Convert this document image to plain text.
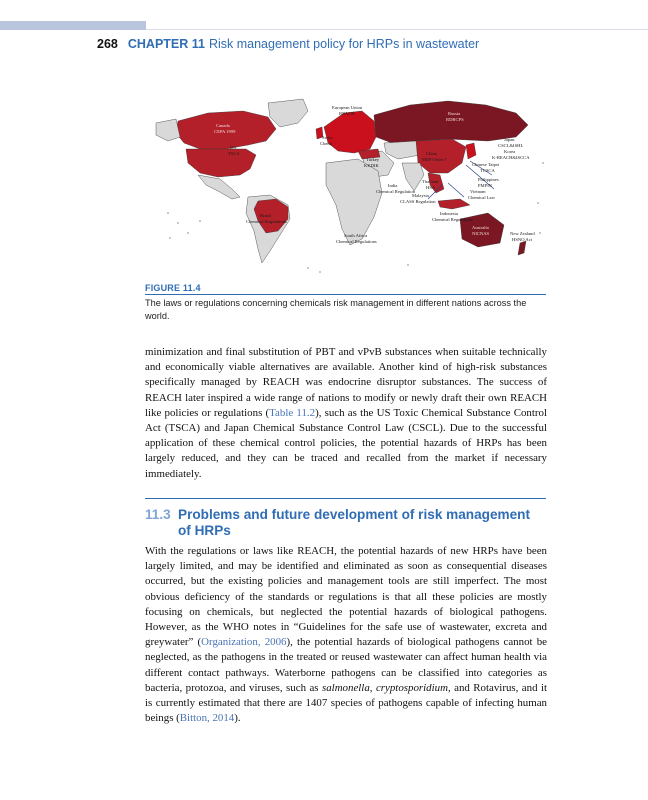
268 CHAPTER 11 Risk management policy for HRPs in wastewater
European Union
REACH	Russia
RDRCPS
Canada
CEPA 1999
US
TSCA
Swiss
Chemi
Turkey
KKDIK
China
MEP Order 7
Japan
CSCL&ISHL
Korea
K-REACH&ISCCA
Chinese Taipei
TCSCA
Philippines
PMPIN
Vietnam
Chemical Law
India
Chemical Regulation
Thailand
HSA
Malaysia
CLASS Regulation
Indonesia
Chemical Regulations
Brazil
Chemical Regulations
South Africa
Chemical Regulations
Australia
NICNAS	New Zealand
HSNO Act
FIGURE 11.4
The laws or regulations concerning chemicals risk management in different nations across the world.

minimization and final substitution of PBT and vPvB substances when suitable technically and economically viable alternatives are available. Another kind of high-risk substances specifically managed by REACH was endocrine disruptor substances. The success of REACH later inspired a wide range of nations to modify or newly draft their own REACH like policies or regulations (Table 11.2), such as the US Toxic Chemical Substance Control Act (TSCA) and Japan Chemical Substance Control Law (CSCL). Due to the successful application of these chemical control policies, the potential hazards of HRPs has been largely reduced, and they can be traced and recalled from the market if necessary immediately.

11.3 Problems and future development of risk management
of HRPs

With the regulations or laws like REACH, the potential hazards of new HRPs have been largely limited, and may be identified and eliminated as soon as consequential diseases occurred, but the existing policies and management tools are still imperfect. The most obvious deficiency of the standards or regulations is that all these policies are mostly focusing on chemicals, but neglected the potential hazards of biological pathogens. However, as the WHO notes in “Guidelines for the safe use of wastewater, excreta and greywater” (Organization, 2006), the potential hazards of biological pathogens cannot be neglected, as the pathogens in the treated or reused wastewater can affect human health via different contact pathways. Waterborne pathogens can be classified into categories as bacteria, protozoa, and viruses, such as salmonella, cryptosporidium, and Rotavirus, and it is currently estimated that there are 1407 species of pathogens capable of infecting human beings (Bitton, 2014).
